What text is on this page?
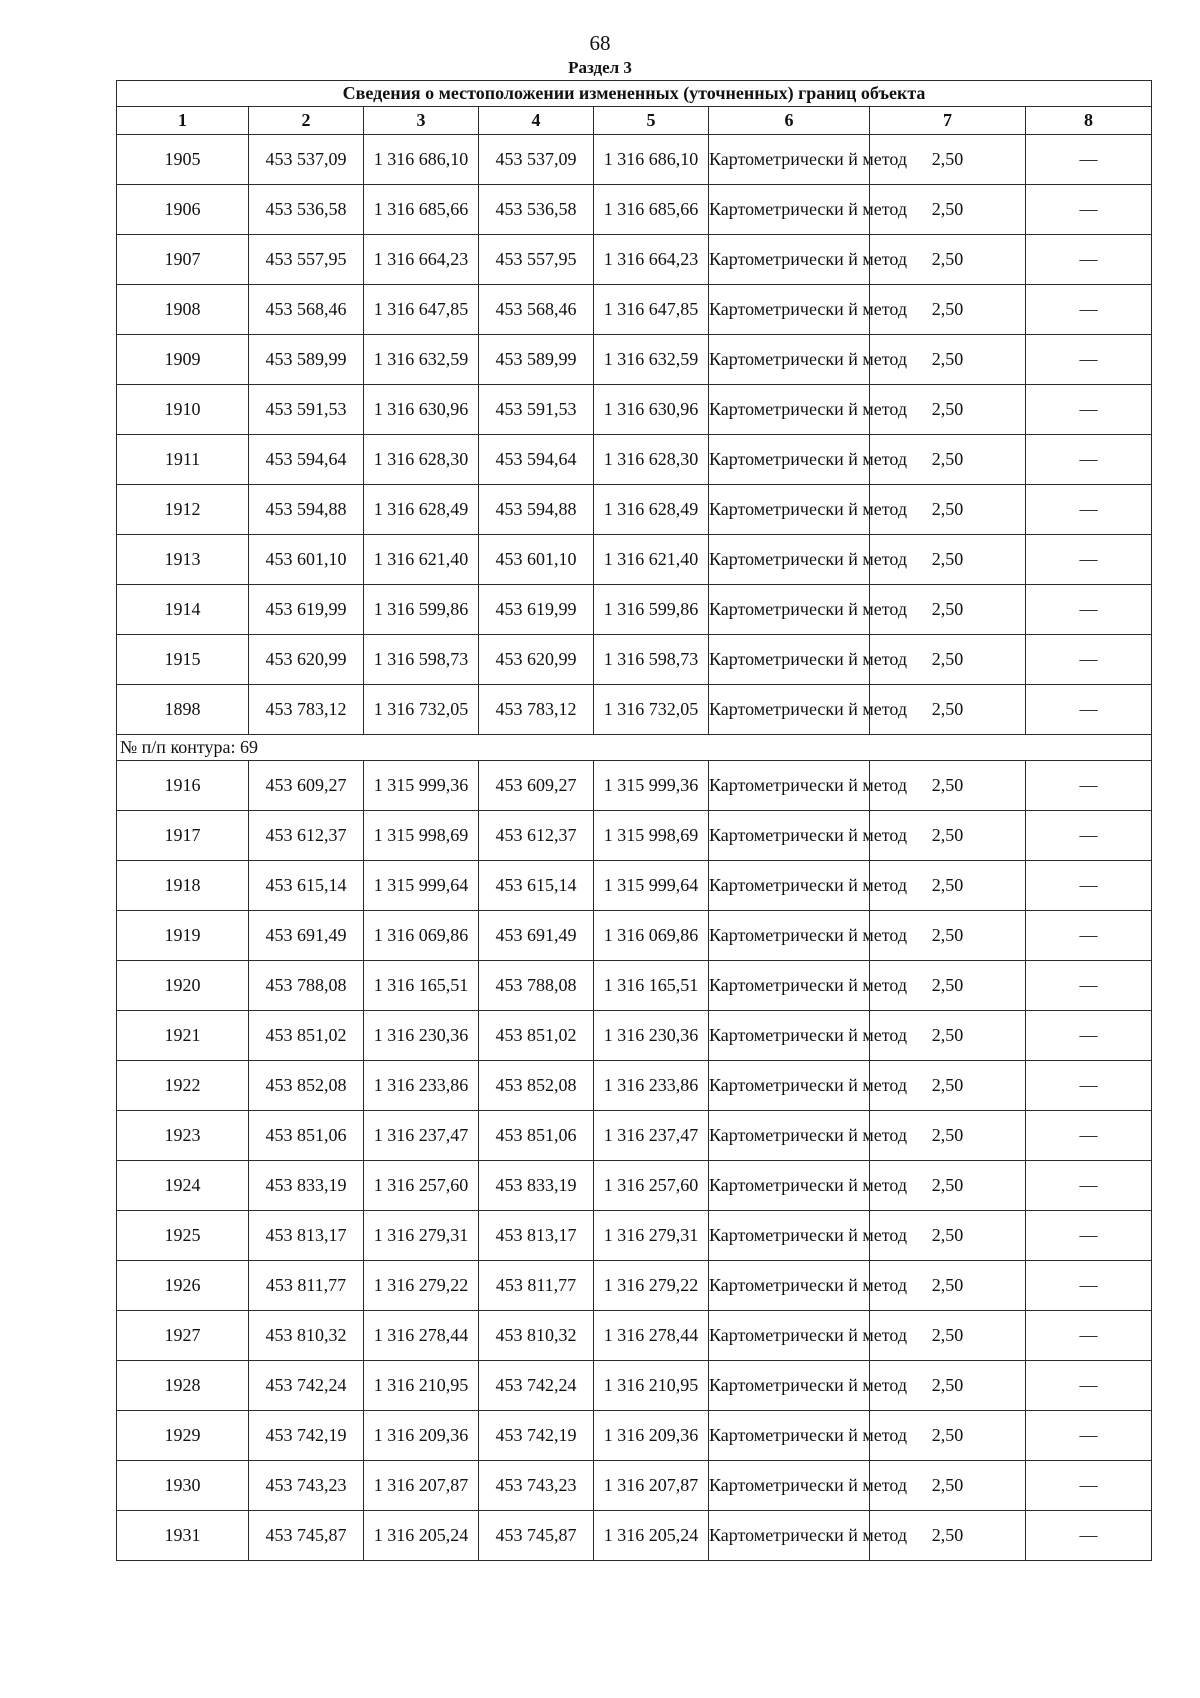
68
Раздел 3
Сведения о местоположении измененных (уточненных) границ объекта							
1	2	3	4	5	6	7	8
1905	453 537,09	1 316 686,10	453 537,09	1 316 686,10	Картометрически й метод	2,50	—
1906	453 536,58	1 316 685,66	453 536,58	1 316 685,66	Картометрически й метод	2,50	—
1907	453 557,95	1 316 664,23	453 557,95	1 316 664,23	Картометрически й метод	2,50	—
1908	453 568,46	1 316 647,85	453 568,46	1 316 647,85	Картометрически й метод	2,50	—
1909	453 589,99	1 316 632,59	453 589,99	1 316 632,59	Картометрически й метод	2,50	—
1910	453 591,53	1 316 630,96	453 591,53	1 316 630,96	Картометрически й метод	2,50	—
1911	453 594,64	1 316 628,30	453 594,64	1 316 628,30	Картометрически й метод	2,50	—
1912	453 594,88	1 316 628,49	453 594,88	1 316 628,49	Картометрически й метод	2,50	—
1913	453 601,10	1 316 621,40	453 601,10	1 316 621,40	Картометрически й метод	2,50	—
1914	453 619,99	1 316 599,86	453 619,99	1 316 599,86	Картометрически й метод	2,50	—
1915	453 620,99	1 316 598,73	453 620,99	1 316 598,73	Картометрически й метод	2,50	—
1898	453 783,12	1 316 732,05	453 783,12	1 316 732,05	Картометрически й метод	2,50	—
№ п/п контура: 69							
1916	453 609,27	1 315 999,36	453 609,27	1 315 999,36	Картометрически й метод	2,50	—
1917	453 612,37	1 315 998,69	453 612,37	1 315 998,69	Картометрически й метод	2,50	—
1918	453 615,14	1 315 999,64	453 615,14	1 315 999,64	Картометрически й метод	2,50	—
1919	453 691,49	1 316 069,86	453 691,49	1 316 069,86	Картометрически й метод	2,50	—
1920	453 788,08	1 316 165,51	453 788,08	1 316 165,51	Картометрически й метод	2,50	—
1921	453 851,02	1 316 230,36	453 851,02	1 316 230,36	Картометрически й метод	2,50	—
1922	453 852,08	1 316 233,86	453 852,08	1 316 233,86	Картометрически й метод	2,50	—
1923	453 851,06	1 316 237,47	453 851,06	1 316 237,47	Картометрически й метод	2,50	—
1924	453 833,19	1 316 257,60	453 833,19	1 316 257,60	Картометрически й метод	2,50	—
1925	453 813,17	1 316 279,31	453 813,17	1 316 279,31	Картометрически й метод	2,50	—
1926	453 811,77	1 316 279,22	453 811,77	1 316 279,22	Картометрически й метод	2,50	—
1927	453 810,32	1 316 278,44	453 810,32	1 316 278,44	Картометрически й метод	2,50	—
1928	453 742,24	1 316 210,95	453 742,24	1 316 210,95	Картометрически й метод	2,50	—
1929	453 742,19	1 316 209,36	453 742,19	1 316 209,36	Картометрически й метод	2,50	—
1930	453 743,23	1 316 207,87	453 743,23	1 316 207,87	Картометрически й метод	2,50	—
1931	453 745,87	1 316 205,24	453 745,87	1 316 205,24	Картометрически й метод	2,50	—
